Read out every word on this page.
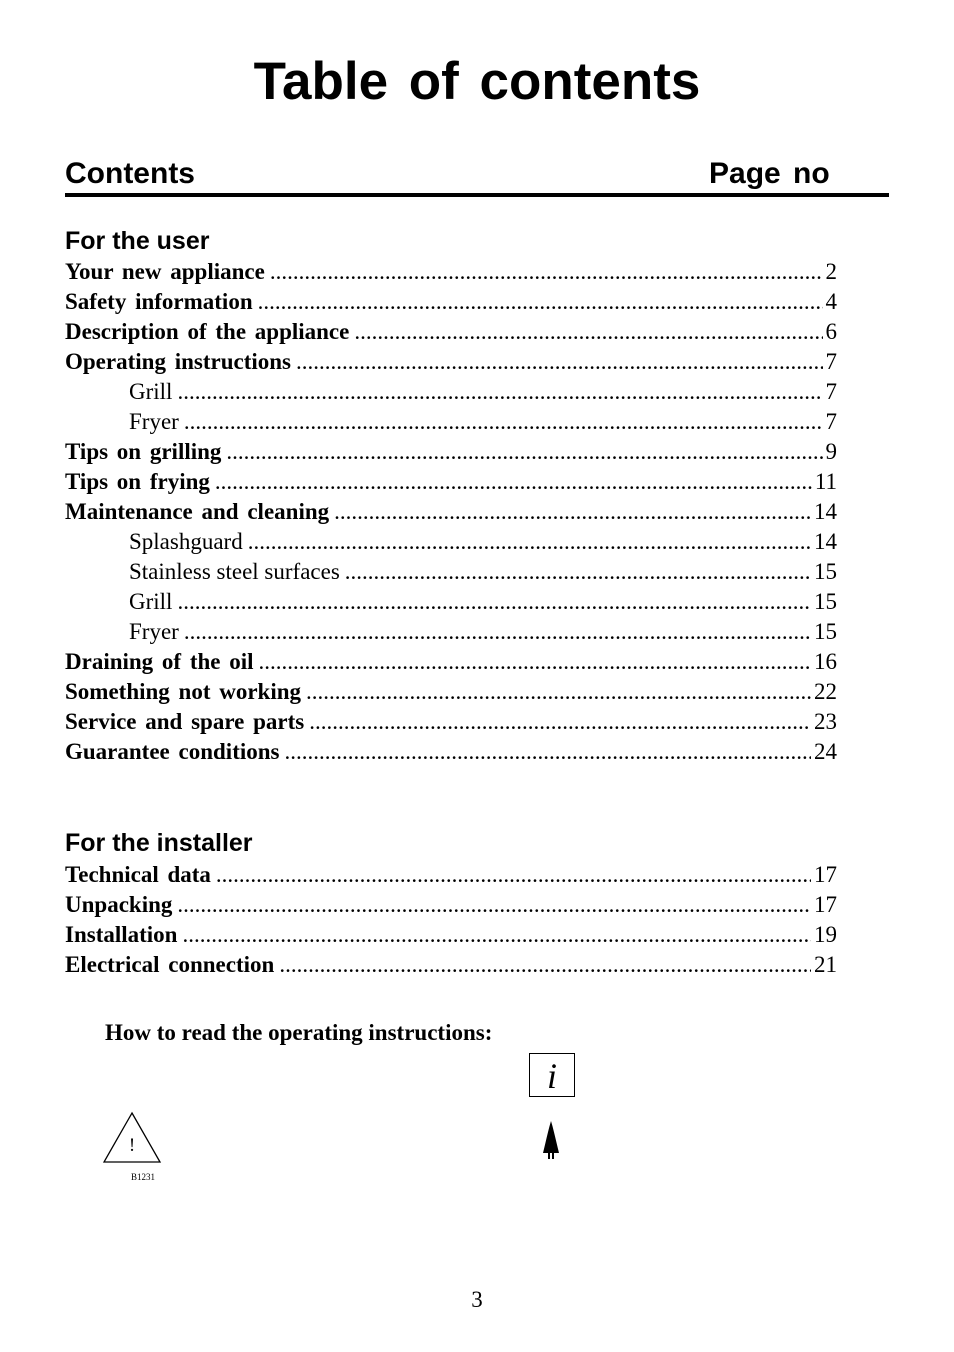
Table of contents
Contents	Page no
For the user
Your new appliance .....	2
Safety information .....	4
Description of the appliance .....	6
Operating instructions .....	7
Grill .....	7
Fryer .....	7
Tips on grilling .....	9
Tips on frying .....	11
Maintenance and cleaning .....	14
Splashguard .....	14
Stainless steel surfaces .....	15
Grill .....	15
Fryer .....	15
Draining of the oil .....	16
Something not working .....	22
Service and spare parts .....	23
Guarantee conditions .....	24
For the installer
Technical data .....	17
Unpacking .....	17
Installation .....	19
Electrical connection .....	21
How to read the operating instructions:
i
!
B1231
3
